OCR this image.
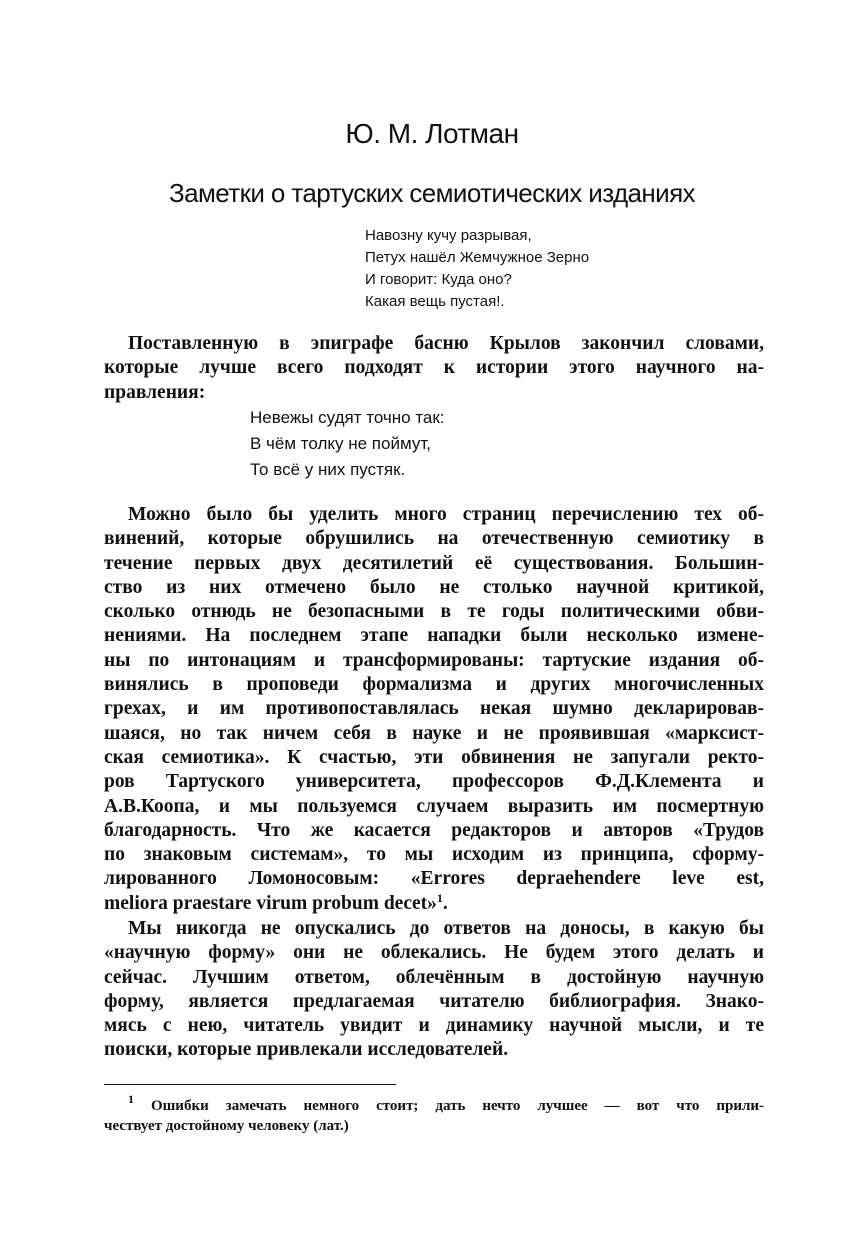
Ю. М. Лотман
Заметки о тартуских семиотических изданиях
Навозну кучу разрывая,
Петух нашёл Жемчужное Зерно
И говорит: Куда оно?
Какая вещь пустая!.
Поставленную в эпиграфе басню Крылов закончил словами,
которые лучше всего подходят к истории этого научного на-
правления:
Невежы судят точно так:
В чём толку не поймут,
То всё у них пустяк.
Можно было бы уделить много страниц перечислению тех об-
винений, которые обрушились на отечественную семиотику в
течение первых двух десятилетий её существования. Большин-
ство из них отмечено было не столько научной критикой,
сколько отнюдь не безопасными в те годы политическими обви-
нениями. На последнем этапе нападки были несколько измене-
ны по интонациям и трансформированы: тартуские издания об-
винялись в проповеди формализма и других многочисленных
грехах, и им противопоставлялась некая шумно декларировав-
шаяся, но так ничем себя в науке и не проявившая «марксист-
ская семиотика». К счастью, эти обвинения не запугали ректо-
ров Тартуского университета, профессоров Ф.Д.Клемента и
А.В.Коопа, и мы пользуемся случаем выразить им посмертную
благодарность. Что же касается редакторов и авторов «Трудов
по знаковым системам», то мы исходим из принципа, сформу-
лированного Ломоносовым: «Errores depraehendere leve est,
meliora praestare virum probum decet»$^1$.
Мы никогда не опускались до ответов на доносы, в какую бы
«научную форму» они не облекались. Не будем этого делать и
сейчас. Лучшим ответом, облечённым в достойную научную
форму, является предлагаемая читателю библиография. Знако-
мясь с нею, читатель увидит и динамику научной мысли, и те
поиски, которые привлекали исследователей.
$^1$ Ошибки замечать немного стоит; дать нечто лучшее — вот что прили-
чествует достойному человеку (лат.)
